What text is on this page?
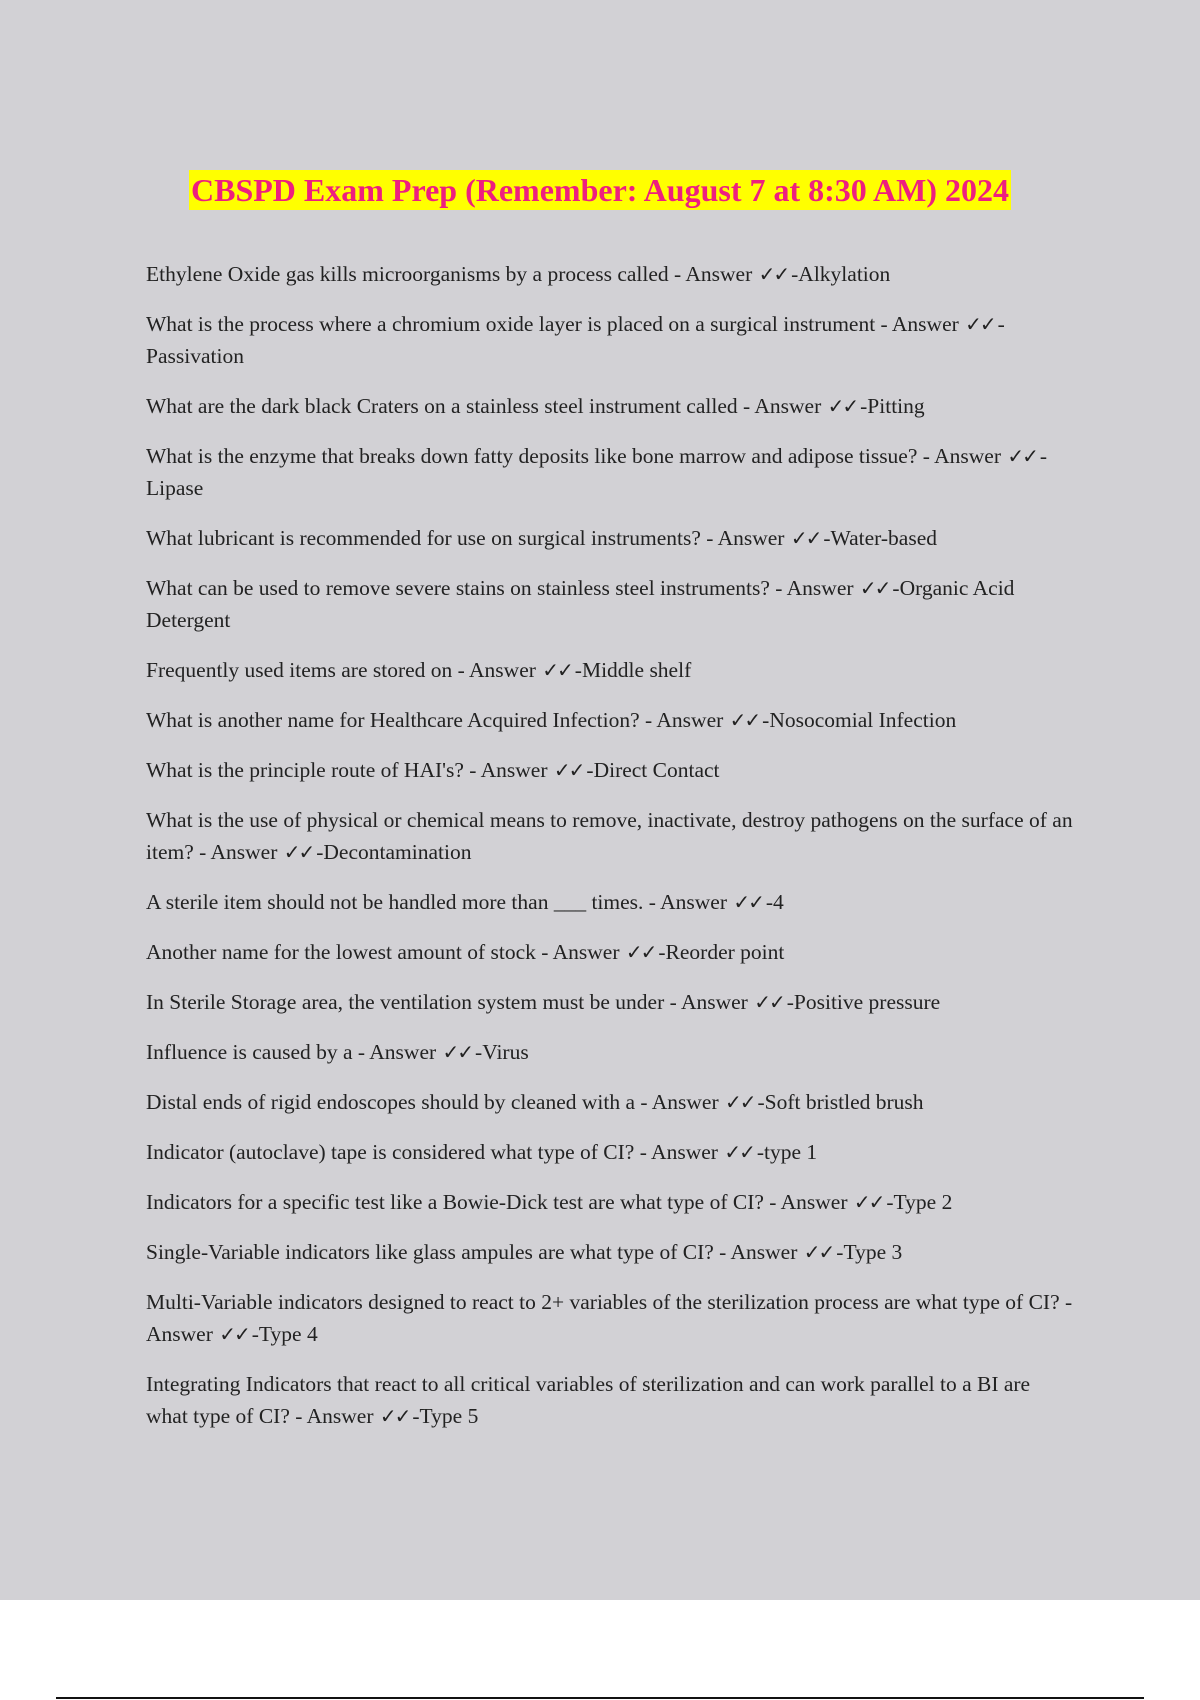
CBSPD Exam Prep (Remember: August 7 at 8:30 AM) 2024
Ethylene Oxide gas kills microorganisms by a process called - Answer ✓✓ -Alkylation
What is the process where a chromium oxide layer is placed on a surgical instrument - Answer ✓✓ -Passivation
What are the dark black Craters on a stainless steel instrument called - Answer ✓✓ -Pitting
What is the enzyme that breaks down fatty deposits like bone marrow and adipose tissue? - Answer ✓✓ -Lipase
What lubricant is recommended for use on surgical instruments? - Answer ✓✓ -Water-based
What can be used to remove severe stains on stainless steel instruments? - Answer ✓✓ -Organic Acid Detergent
Frequently used items are stored on - Answer ✓✓ -Middle shelf
What is another name for Healthcare Acquired Infection? - Answer ✓✓ -Nosocomial Infection
What is the principle route of HAI's? - Answer ✓✓ -Direct Contact
What is the use of physical or chemical means to remove, inactivate, destroy pathogens on the surface of an item? - Answer ✓✓ -Decontamination
A sterile item should not be handled more than ___ times. - Answer ✓✓ -4
Another name for the lowest amount of stock - Answer ✓✓ -Reorder point
In Sterile Storage area, the ventilation system must be under - Answer ✓✓ -Positive pressure
Influence is caused by a - Answer ✓✓ -Virus
Distal ends of rigid endoscopes should by cleaned with a - Answer ✓✓ -Soft bristled brush
Indicator (autoclave) tape is considered what type of CI? - Answer ✓✓ -type 1
Indicators for a specific test like a Bowie-Dick test are what type of CI? - Answer ✓✓ -Type 2
Single-Variable indicators like glass ampules are what type of CI? - Answer ✓✓ -Type 3
Multi-Variable indicators designed to react to 2+ variables of the sterilization process are what type of CI? - Answer ✓✓ -Type 4
Integrating Indicators that react to all critical variables of sterilization and can work parallel to a BI are what type of CI? - Answer ✓✓ -Type 5
